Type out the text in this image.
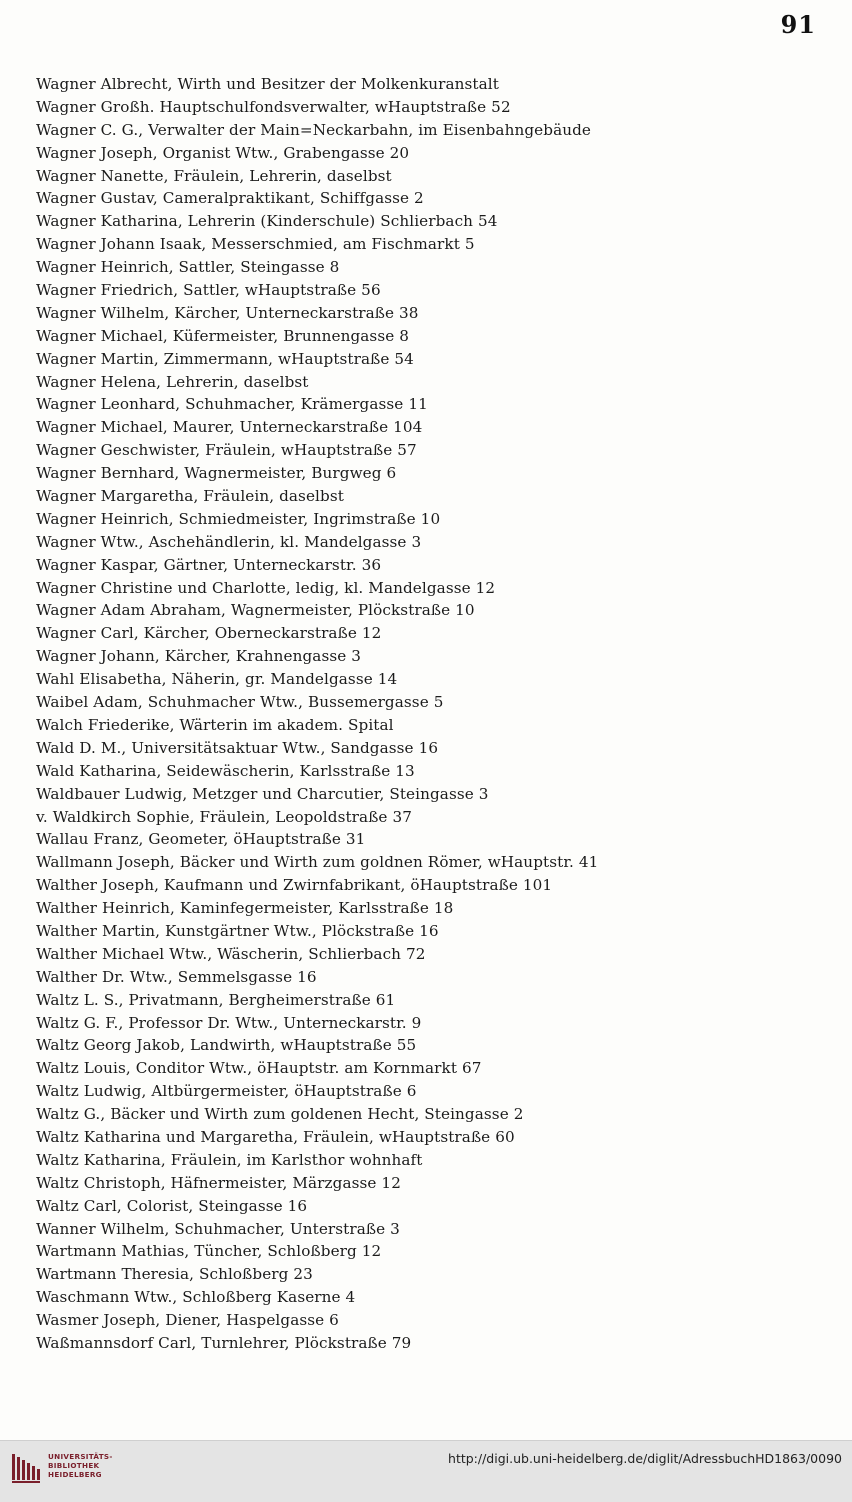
91
Wagner Albrecht, Wirth und Besitzer der Molkenkuranstalt
Wagner Großh. Hauptschulfondsverwalter, wHauptstraße 52
Wagner C. G., Verwalter der Main=Neckarbahn, im Eisenbahngebäude
Wagner Joseph, Organist Wtw., Grabengasse 20
Wagner Nanette, Fräulein, Lehrerin, daselbst
Wagner Gustav, Cameralpraktikant, Schiffgasse 2
Wagner Katharina, Lehrerin (Kinderschule) Schlierbach 54
Wagner Johann Isaak, Messerschmied, am Fischmarkt 5
Wagner Heinrich, Sattler, Steingasse 8
Wagner Friedrich, Sattler, wHauptstraße 56
Wagner Wilhelm, Kärcher, Unterneckarstraße 38
Wagner Michael, Küfermeister, Brunnengasse 8
Wagner Martin, Zimmermann, wHauptstraße 54
Wagner Helena, Lehrerin, daselbst
Wagner Leonhard, Schuhmacher, Krämergasse 11
Wagner Michael, Maurer, Unterneckarstraße 104
Wagner Geschwister, Fräulein, wHauptstraße 57
Wagner Bernhard, Wagnermeister, Burgweg 6
Wagner Margaretha, Fräulein, daselbst
Wagner Heinrich, Schmiedmeister, Ingrimstraße 10
Wagner Wtw., Aschehändlerin, kl. Mandelgasse 3
Wagner Kaspar, Gärtner, Unterneckarstr. 36
Wagner Christine und Charlotte, ledig, kl. Mandelgasse 12
Wagner Adam Abraham, Wagnermeister, Plöckstraße 10
Wagner Carl, Kärcher, Oberneckarstraße 12
Wagner Johann, Kärcher, Krahnengasse 3
Wahl Elisabetha, Näherin, gr. Mandelgasse 14
Waibel Adam, Schuhmacher Wtw., Bussemergasse 5
Walch Friederike, Wärterin im akadem. Spital
Wald D. M., Universitätsaktuar Wtw., Sandgasse 16
Wald Katharina, Seidewäscherin, Karlsstraße 13
Waldbauer Ludwig, Metzger und Charcutier, Steingasse 3
v. Waldkirch Sophie, Fräulein, Leopoldstraße 37
Wallau Franz, Geometer, öHauptstraße 31
Wallmann Joseph, Bäcker und Wirth zum goldnen Römer, wHauptstr. 41
Walther Joseph, Kaufmann und Zwirnfabrikant, öHauptstraße 101
Walther Heinrich, Kaminfegermeister, Karlsstraße 18
Walther Martin, Kunstgärtner Wtw., Plöckstraße 16
Walther Michael Wtw., Wäscherin, Schlierbach 72
Walther Dr. Wtw., Semmelsgasse 16
Waltz L. S., Privatmann, Bergheimerstraße 61
Waltz G. F., Professor Dr. Wtw., Unterneckarstr. 9
Waltz Georg Jakob, Landwirth, wHauptstraße 55
Waltz Louis, Conditor Wtw., öHauptstr. am Kornmarkt 67
Waltz Ludwig, Altbürgermeister, öHauptstraße 6
Waltz G., Bäcker und Wirth zum goldenen Hecht, Steingasse 2
Waltz Katharina und Margaretha, Fräulein, wHauptstraße 60
Waltz Katharina, Fräulein, im Karlsthor wohnhaft
Waltz Christoph, Häfnermeister, Märzgasse 12
Waltz Carl, Colorist, Steingasse 16
Wanner Wilhelm, Schuhmacher, Unterstraße 3
Wartmann Mathias, Tüncher, Schloßberg 12
Wartmann Theresia, Schloßberg 23
Waschmann Wtw., Schloßberg Kaserne 4
Wasmer Joseph, Diener, Haspelgasse 6
Waßmannsdorf Carl, Turnlehrer, Plöckstraße 79
UNIVERSITÄTS-
BIBLIOTHEK
HEIDELBERG
http://digi.ub.uni-heidelberg.de/diglit/AdressbuchHD1863/0090
